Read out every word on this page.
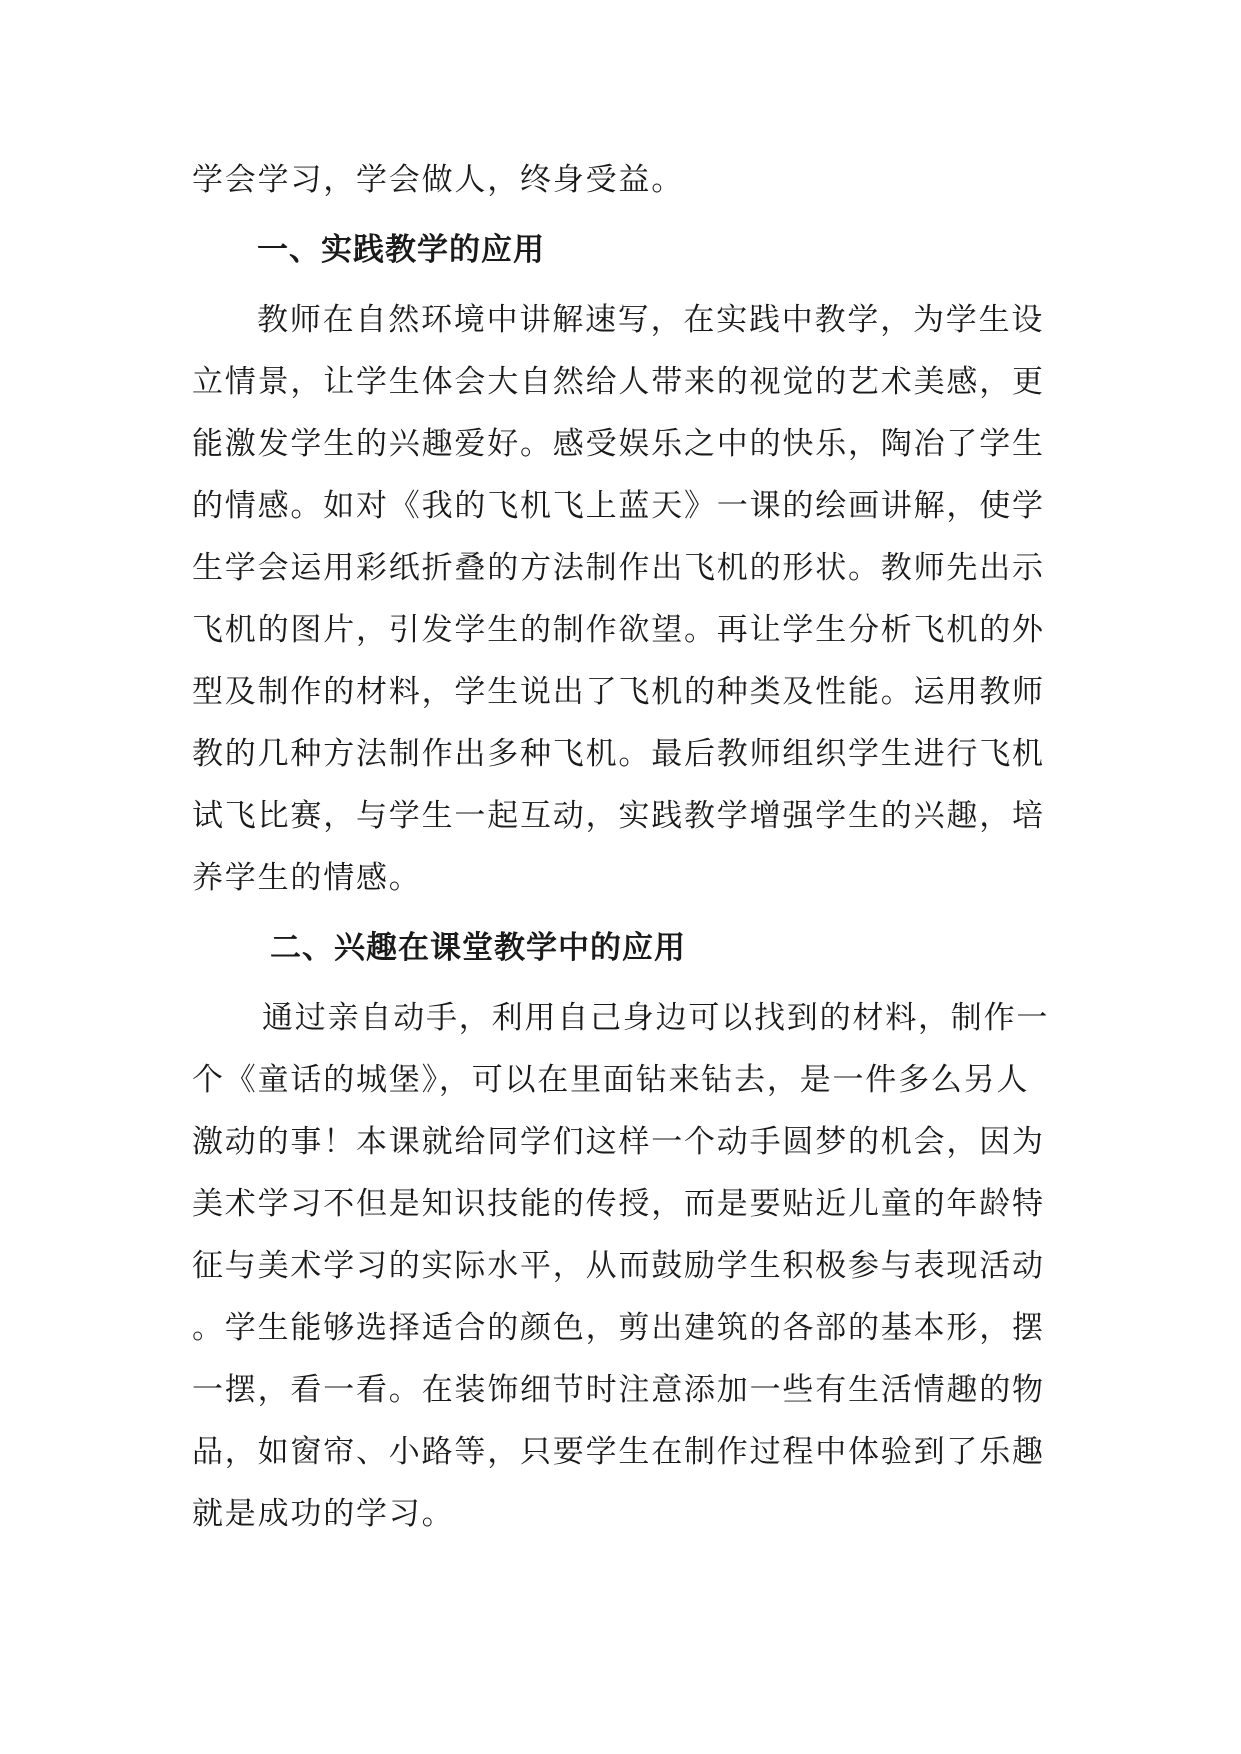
学会学习，学会做人，终身受益。
一、实践教学的应用
教师在自然环境中讲解速写，在实践中教学，为学生设
立情景，让学生体会大自然给人带来的视觉的艺术美感，更
能激发学生的兴趣爱好。感受娱乐之中的快乐，陶冶了学生
的情感。如对《我的飞机飞上蓝天》一课的绘画讲解，使学
生学会运用彩纸折叠的方法制作出飞机的形状。教师先出示
飞机的图片，引发学生的制作欲望。再让学生分析飞机的外
型及制作的材料，学生说出了飞机的种类及性能。运用教师
教的几种方法制作出多种飞机。最后教师组织学生进行飞机
试飞比赛，与学生一起互动，实践教学增强学生的兴趣，培
养学生的情感。
二、兴趣在课堂教学中的应用
通过亲自动手，利用自己身边可以找到的材料，制作一
个《童话的城堡》，可以在里面钻来钻去，是一件多么另人
激动的事！本课就给同学们这样一个动手圆梦的机会，因为
美术学习不但是知识技能的传授，而是要贴近儿童的年龄特
征与美术学习的实际水平，从而鼓励学生积极参与表现活动
。学生能够选择适合的颜色，剪出建筑的各部的基本形，摆
一摆，看一看。在装饰细节时注意添加一些有生活情趣的物
品，如窗帘、小路等，只要学生在制作过程中体验到了乐趣
就是成功的学习。
